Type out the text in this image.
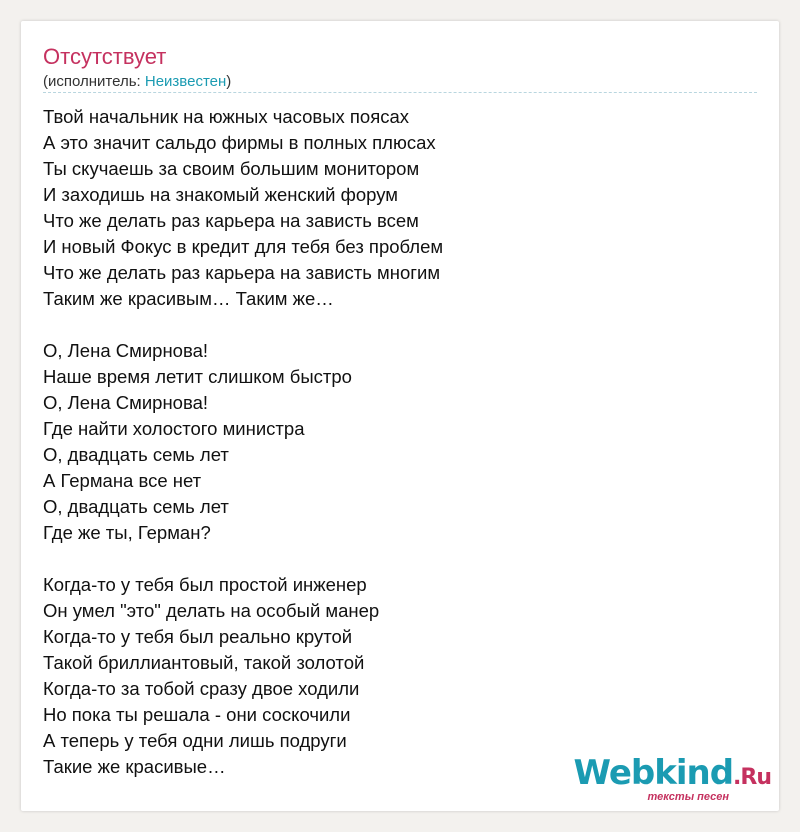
Отсутствует
(исполнитель: Неизвестен)
Твой начальник на южных часовых поясах
А это значит сальдо фирмы в полных плюсах
Ты скучаешь за своим большим монитором
И заходишь на знакомый женский форум
Что же делать раз карьера на зависть всем
И новый Фокус в кредит для тебя без проблем
Что же делать раз карьера на зависть многим
Таким же красивым… Таким же…
О, Лена Смирнова!
Наше время летит слишком быстро
О, Лена Смирнова!
Где найти холостого министра
О, двадцать семь лет
А Германа все нет
О, двадцать семь лет
Где же ты, Герман?
Когда-то у тебя был простой инженер
Он умел "это" делать на особый манер
Когда-то у тебя был реально крутой
Такой бриллиантовый, такой золотой
Когда-то за тобой сразу двое ходили
Но пока ты решала - они соскочили
А теперь у тебя одни лишь подруги
Такие же красивые…	Webkind.Ru
тексты песен
